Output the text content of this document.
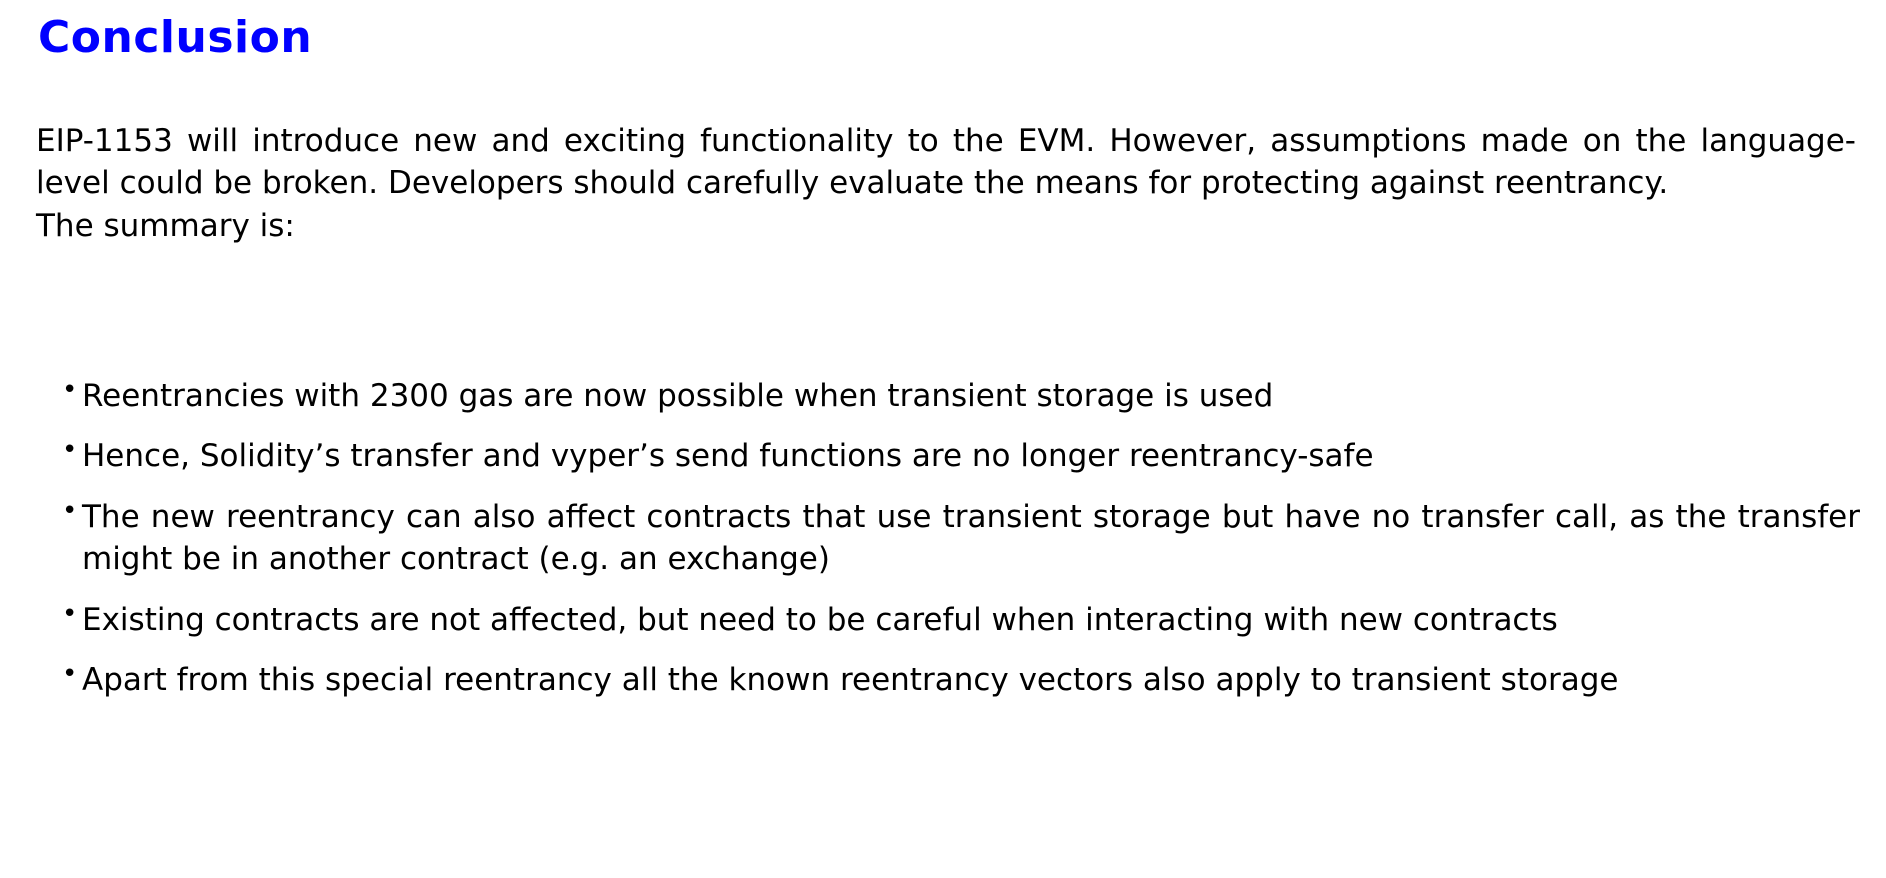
Conclusion

EIP-1153 will introduce new and exciting functionality to the EVM. However, assumptions made on the language-level could be broken. Developers should carefully evaluate the means for protecting against reentrancy.

The summary is:

• Reentrancies with 2300 gas are now possible when transient storage is used
• Hence, Solidity’s transfer and vyper’s send functions are no longer reentrancy-safe
• The new reentrancy can also affect contracts that use transient storage but have no transfer call, as the transfer might be in another contract (e.g. an exchange)
• Existing contracts are not affected, but need to be careful when interacting with new contracts
• Apart from this special reentrancy all the known reentrancy vectors also apply to transient storage
